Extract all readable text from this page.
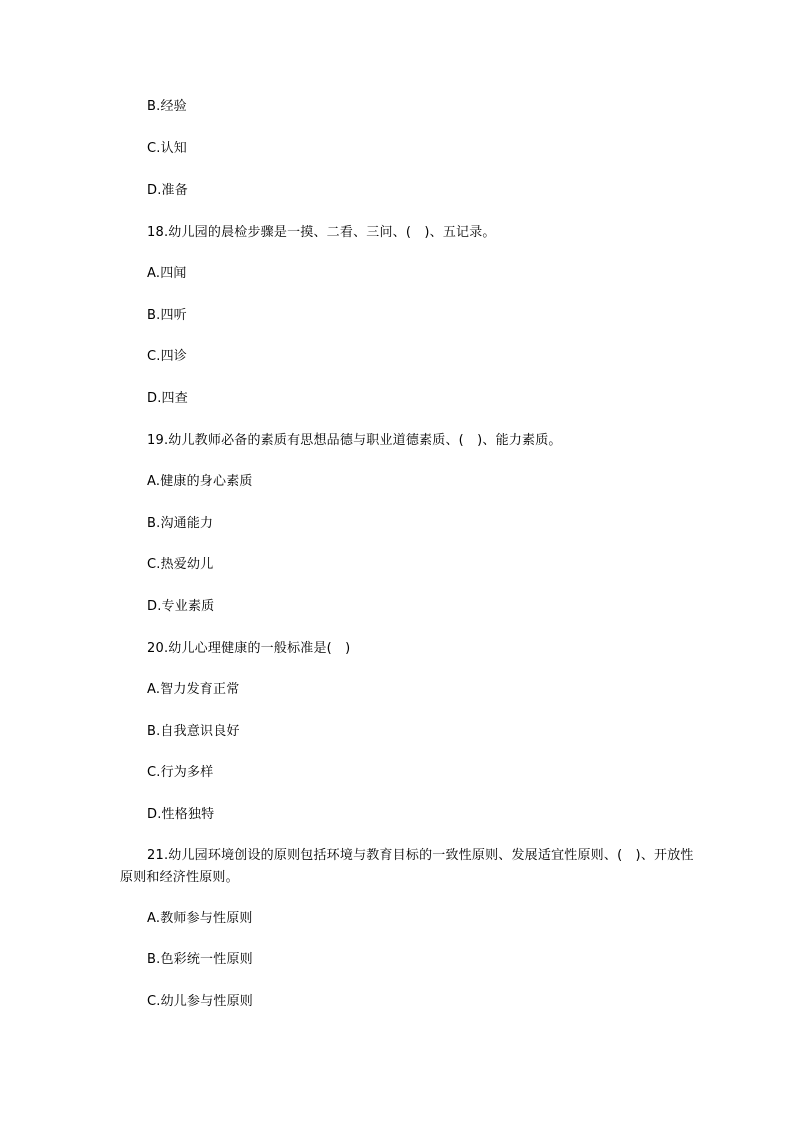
B.经验
C.认知
D.准备
18.幼儿园的晨检步骤是一摸、二看、三问、(　)、五记录。
A.四闻
B.四听
C.四诊
D.四查
19.幼儿教师必备的素质有思想品德与职业道德素质、(　)、能力素质。
A.健康的身心素质
B.沟通能力
C.热爱幼儿
D.专业素质
20.幼儿心理健康的一般标准是(　)
A.智力发育正常
B.自我意识良好
C.行为多样
D.性格独特
21.幼儿园环境创设的原则包括环境与教育目标的一致性原则、发展适宜性原则、(　)、开放性原则和经济性原则。
A.教师参与性原则
B.色彩统一性原则
C.幼儿参与性原则
